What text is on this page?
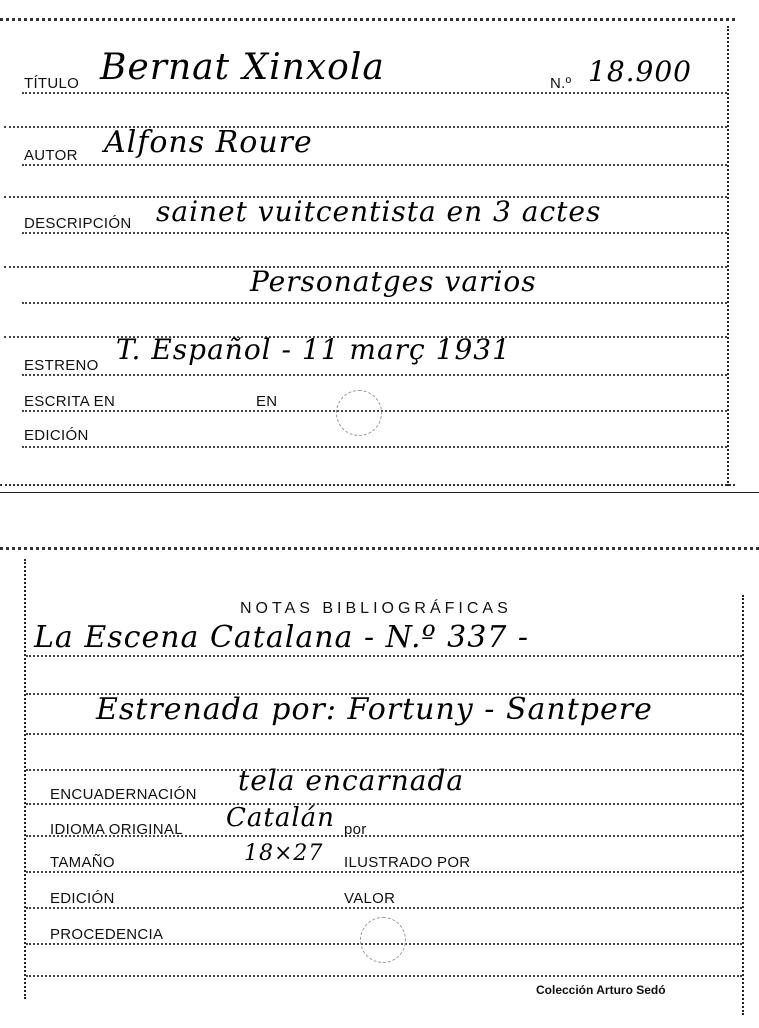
TÍTULO Bernat Xinxola	N.º 18.900
AUTOR Alfons Roure
DESCRIPCIÓN sainet vuitcentista en 3 actes
Personatges varios
ESTRENO T. Español - 11 març 1931
ESCRITA EN	EN
EDICIÓN
NOTAS BIBLIOGRÁFICAS
La Escena Catalana - N.º 337 -
Estrenada por: Fortuny - Santpere
ENCUADERNACIÓN tela encarnada
IDIOMA ORIGINAL Catalán por
TAMAÑO	18×27 ILUSTRADO POR
EDICIÓN	VALOR
PROCEDENCIA
Colección Arturo Sedó
